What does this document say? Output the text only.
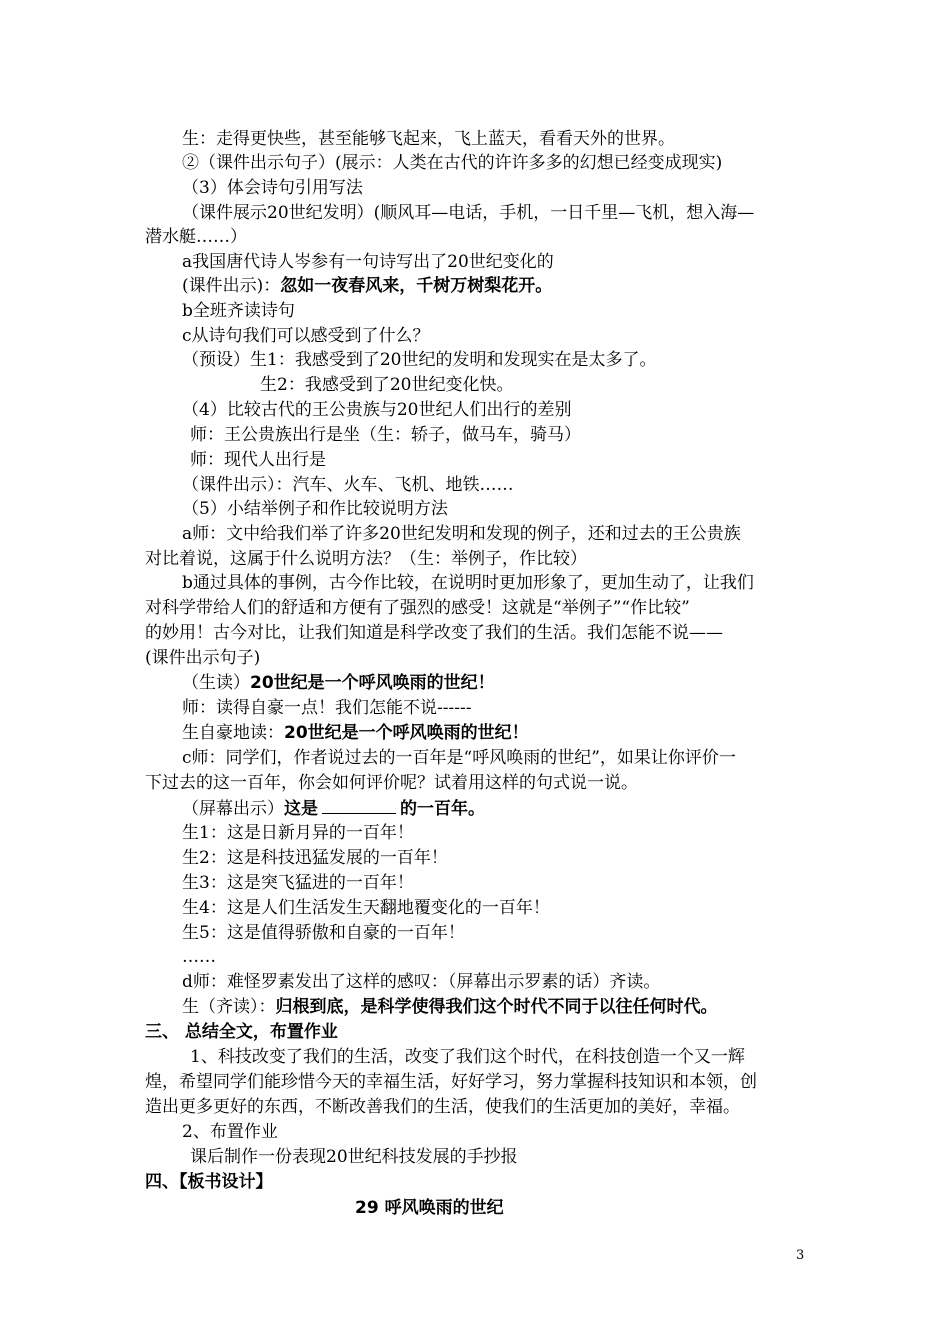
生：走得更快些，甚至能够飞起来，飞上蓝天，看看天外的世界。
②（课件出示句子）(展示：人类在古代的许许多多的幻想已经变成现实)
（3）体会诗句引用写法
（课件展示20世纪发明）(顺风耳—电话，手机，一日千里—飞机，想入海—
潜水艇……）
a我国唐代诗人岑参有一句诗写出了20世纪变化的
(课件出示)：忽如一夜春风来，千树万树梨花开。
b全班齐读诗句
c从诗句我们可以感受到了什么？
（预设）生1：我感受到了20世纪的发明和发现实在是太多了。
生2：我感受到了20世纪变化快。
（4）比较古代的王公贵族与20世纪人们出行的差别
师：王公贵族出行是坐（生：轿子，做马车，骑马）
师：现代人出行是
（课件出示）：汽车、火车、飞机、地铁……
（5）小结举例子和作比较说明方法
a师：文中给我们举了许多20世纪发明和发现的例子，还和过去的王公贵族
对比着说，这属于什么说明方法？（生：举例子，作比较）
b通过具体的事例，古今作比较，在说明时更加形象了，更加生动了，让我们
对科学带给人们的舒适和方便有了强烈的感受！这就是“举例子”“作比较”
的妙用！古今对比，让我们知道是科学改变了我们的生活。我们怎能不说——
(课件出示句子)
（生读）20世纪是一个呼风唤雨的世纪！
师：读得自豪一点！我们怎能不说------
生自豪地读：20世纪是一个呼风唤雨的世纪！
c师：同学们，作者说过去的一百年是“呼风唤雨的世纪”，如果让你评价一
下过去的这一百年，你会如何评价呢？试着用这样的句式说一说。
（屏幕出示）这是	的一百年。
生1：这是日新月异的一百年！
生2：这是科技迅猛发展的一百年！
生3：这是突飞猛进的一百年！
生4：这是人们生活发生天翻地覆变化的一百年！
生5：这是值得骄傲和自豪的一百年！
……
d师：难怪罗素发出了这样的感叹：（屏幕出示罗素的话）齐读。
生（齐读）：归根到底，是科学使得我们这个时代不同于以往任何时代。
三、 总结全文，布置作业
1、科技改变了我们的生活，改变了我们这个时代，在科技创造一个又一辉
煌，希望同学们能珍惜今天的幸福生活，好好学习，努力掌握科技知识和本领，创
造出更多更好的东西，不断改善我们的生活，使我们的生活更加的美好，幸福。
2、布置作业
课后制作一份表现20世纪科技发展的手抄报
四、【板书设计】
29 呼风唤雨的世纪
3
